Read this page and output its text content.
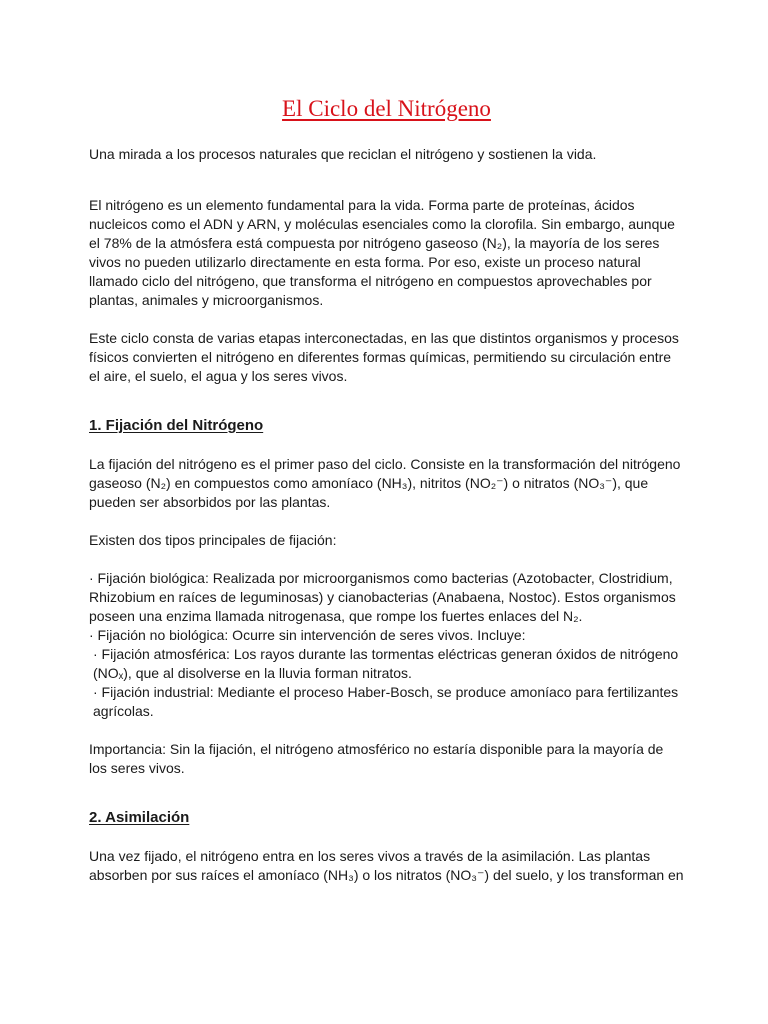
El Ciclo del Nitrógeno

Una mirada a los procesos naturales que reciclan el nitrógeno y sostienen la vida.

El nitrógeno es un elemento fundamental para la vida. Forma parte de proteínas, ácidos nucleicos como el ADN y ARN, y moléculas esenciales como la clorofila. Sin embargo, aunque el 78% de la atmósfera está compuesta por nitrógeno gaseoso (N₂), la mayoría de los seres vivos no pueden utilizarlo directamente en esta forma. Por eso, existe un proceso natural llamado ciclo del nitrógeno, que transforma el nitrógeno en compuestos aprovechables por plantas, animales y microorganismos.

Este ciclo consta de varias etapas interconectadas, en las que distintos organismos y procesos físicos convierten el nitrógeno en diferentes formas químicas, permitiendo su circulación entre el aire, el suelo, el agua y los seres vivos.

1. Fijación del Nitrógeno

La fijación del nitrógeno es el primer paso del ciclo. Consiste en la transformación del nitrógeno gaseoso (N₂) en compuestos como amoníaco (NH₃), nitritos (NO₂⁻) o nitratos (NO₃⁻), que pueden ser absorbidos por las plantas.

Existen dos tipos principales de fijación:

· Fijación biológica: Realizada por microorganismos como bacterias (Azotobacter, Clostridium, Rhizobium en raíces de leguminosas) y cianobacterias (Anabaena, Nostoc). Estos organismos poseen una enzima llamada nitrogenasa, que rompe los fuertes enlaces del N₂.
· Fijación no biológica: Ocurre sin intervención de seres vivos. Incluye:
· Fijación atmosférica: Los rayos durante las tormentas eléctricas generan óxidos de nitrógeno (NOₓ), que al disolverse en la lluvia forman nitratos.
· Fijación industrial: Mediante el proceso Haber-Bosch, se produce amoníaco para fertilizantes agrícolas.

Importancia: Sin la fijación, el nitrógeno atmosférico no estaría disponible para la mayoría de los seres vivos.

2. Asimilación

Una vez fijado, el nitrógeno entra en los seres vivos a través de la asimilación. Las plantas absorben por sus raíces el amoníaco (NH₃) o los nitratos (NO₃⁻) del suelo, y los transforman en
